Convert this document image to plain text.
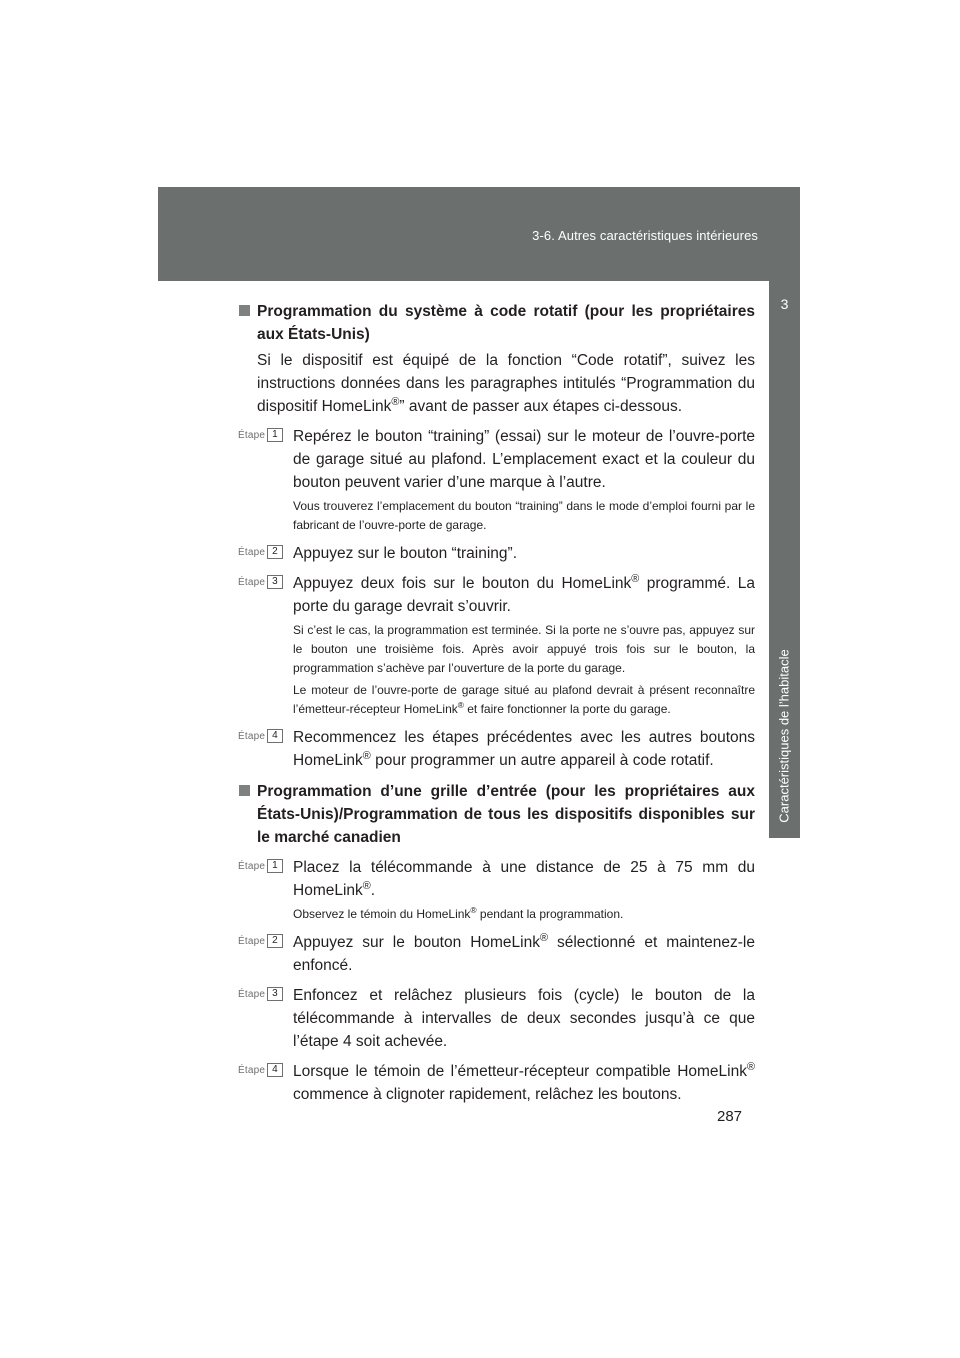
3-6. Autres caractéristiques intérieures
3
Caractéristiques de l’habitacle
Programmation du système à code rotatif (pour les propriétaires aux États-Unis)
Si le dispositif est équipé de la fonction “Code rotatif”, suivez les instructions données dans les paragraphes intitulés “Programmation du dispositif HomeLink®” avant de passer aux étapes ci-dessous.
Étape 1 Repérez le bouton “training” (essai) sur le moteur de l’ouvre-porte de garage situé au plafond. L’emplacement exact et la couleur du bouton peuvent varier d’une marque à l’autre.
Vous trouverez l’emplacement du bouton “training” dans le mode d’emploi fourni par le fabricant de l’ouvre-porte de garage.
Étape 2 Appuyez sur le bouton “training”.
Étape 3 Appuyez deux fois sur le bouton du HomeLink® programmé. La porte du garage devrait s’ouvrir.
Si c’est le cas, la programmation est terminée. Si la porte ne s’ouvre pas, appuyez sur le bouton une troisième fois. Après avoir appuyé trois fois sur le bouton, la programmation s’achève par l’ouverture de la porte du garage.
Le moteur de l’ouvre-porte de garage situé au plafond devrait à présent reconnaître l’émetteur-récepteur HomeLink® et faire fonctionner la porte du garage.
Étape 4 Recommencez les étapes précédentes avec les autres boutons HomeLink® pour programmer un autre appareil à code rotatif.
Programmation d’une grille d’entrée (pour les propriétaires aux États-Unis)/Programmation de tous les dispositifs disponibles sur le marché canadien
Étape 1 Placez la télécommande à une distance de 25 à 75 mm du HomeLink®.
Observez le témoin du HomeLink® pendant la programmation.
Étape 2 Appuyez sur le bouton HomeLink® sélectionné et maintenez-le enfoncé.
Étape 3 Enfoncez et relâchez plusieurs fois (cycle) le bouton de la télécommande à intervalles de deux secondes jusqu’à ce que l’étape 4 soit achevée.
Étape 4 Lorsque le témoin de l’émetteur-récepteur compatible HomeLink® commence à clignoter rapidement, relâchez les boutons.
287
